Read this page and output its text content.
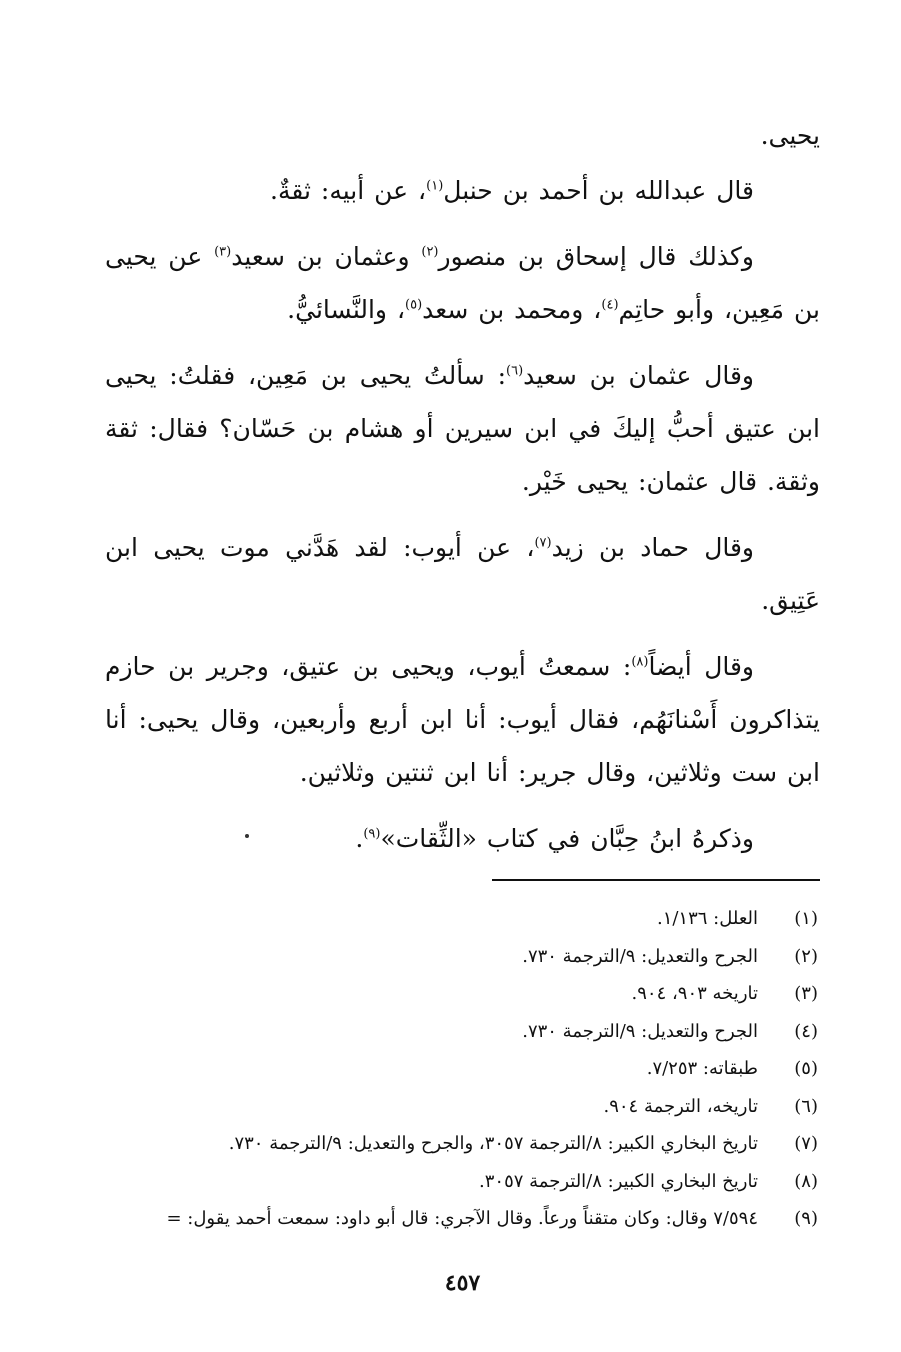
يحيى.

قال عبدالله بن أحمد بن حنبل$^{(١)}$، عن أبيه: ثقةٌ.

وكذلك قال إسحاق بن منصور$^{(٢)}$ وعثمان بن سعيد$^{(٣)}$ عن يحيى بن مَعِين، وأبو حاتِم$^{(٤)}$، ومحمد بن سعد$^{(٥)}$، والنَّسائيُّ.

وقال عثمان بن سعيد$^{(٦)}$: سألتُ يحيى بن مَعِين، فقلتُ: يحيى ابن عتيق أحبُّ إليكَ في ابن سيرين أو هشام بن حَسّان؟ فقال: ثقة وثقة. قال عثمان: يحيى خَيْر.

وقال حماد بن زيد$^{(٧)}$، عن أيوب: لقد هَدَّني موت يحيى ابن عَتِيق.

وقال أيضاً$^{(٨)}$: سمعتُ أيوب، ويحيى بن عتيق، وجرير بن حازم يتذاكرون أَسْنانَهُم، فقال أيوب: أنا ابن أربع وأربعين، وقال يحيى: أنا ابن ست وثلاثين، وقال جرير: أنا ابن ثنتين وثلاثين.

وذكرهُ ابنُ حِبَّان في كتاب «الثِّقات»$^{(٩)}$.

(١)
العلل: ١/١٣٦.
(٢)
الجرح والتعديل: ٩/الترجمة ٧٣٠.
(٣)
تاريخه ٩٠٣، ٩٠٤.
(٤)
الجرح والتعديل: ٩/الترجمة ٧٣٠.
(٥)
طبقاته: ٧/٢٥٣.
(٦)
تاريخه، الترجمة ٩٠٤.
(٧)
تاريخ البخاري الكبير: ٨/الترجمة ٣٠٥٧، والجرح والتعديل: ٩/الترجمة ٧٣٠.
(٨)
تاريخ البخاري الكبير: ٨/الترجمة ٣٠٥٧.
(٩)
٧/٥٩٤ وقال: وكان متقناً ورعاً. وقال الآجري: قال أبو داود: سمعت أحمد يقول: =
٤٥٧
